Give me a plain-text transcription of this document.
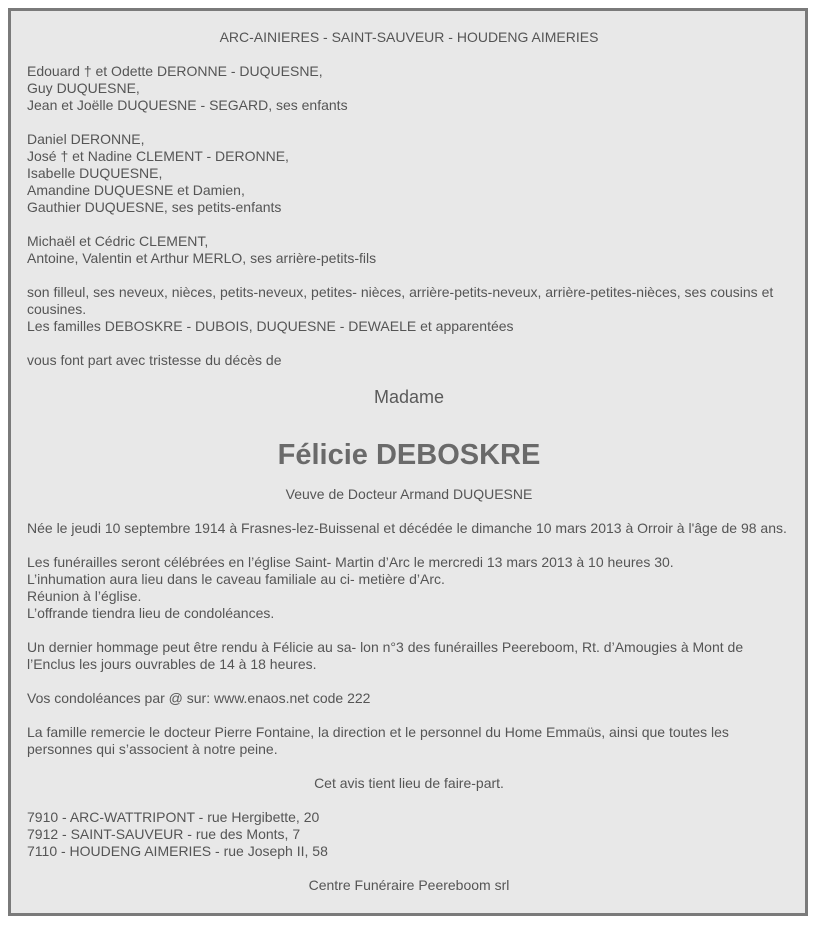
ARC-AINIERES - SAINT-SAUVEUR - HOUDENG AIMERIES

Edouard † et Odette DERONNE - DUQUESNE,
Guy DUQUESNE,
Jean et Joëlle DUQUESNE - SEGARD, ses enfants
Daniel DERONNE,
José † et Nadine CLEMENT - DERONNE,
Isabelle DUQUESNE,
Amandine DUQUESNE et Damien,
Gauthier DUQUESNE, ses petits-enfants
Michaël et Cédric CLEMENT,
Antoine, Valentin et Arthur MERLO, ses arrière-petits-fils

son filleul, ses neveux, nièces, petits-neveux, petites- nièces, arrière-petits-neveux, arrière-petites-nièces, ses cousins et cousines.

Les familles DEBOSKRE - DUBOIS, DUQUESNE - DEWAELE et apparentées

vous font part avec tristesse du décès de

Madame
Félicie DEBOSKRE
Veuve de Docteur Armand DUQUESNE

Née le jeudi 10 septembre 1914 à Frasnes-lez-Buissenal et décédée le dimanche 10 mars 2013 à Orroir à l'âge de 98 ans.

Les funérailles seront célébrées en l’église Saint- Martin d’Arc le mercredi 13 mars 2013 à 10 heures 30.
L’inhumation aura lieu dans le caveau familiale au ci- metière d’Arc.
Réunion à l’église.
L’offrande tiendra lieu de condoléances.

Un dernier hommage peut être rendu à Félicie au sa- lon n°3 des funérailles Peereboom, Rt. d’Amougies à Mont de l’Enclus les jours ouvrables de 14 à 18 heures.

Vos condoléances par @ sur: www.enaos.net code 222

La famille remercie le docteur Pierre Fontaine, la direction et le personnel du Home Emmaüs, ainsi que toutes les personnes qui s’associent à notre peine.

Cet avis tient lieu de faire-part.

7910 - ARC-WATTRIPONT - rue Hergibette, 20
7912 - SAINT-SAUVEUR - rue des Monts, 7
7110 - HOUDENG AIMERIES - rue Joseph II, 58

Centre Funéraire Peereboom srl
